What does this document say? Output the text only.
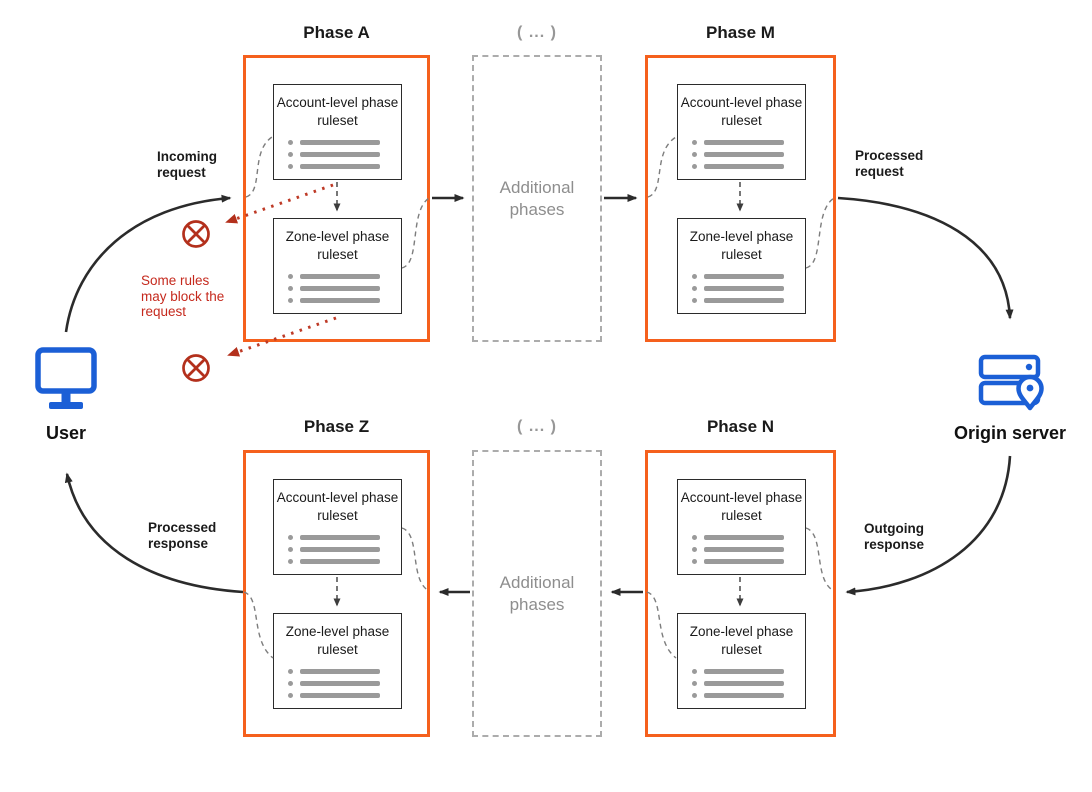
Phase A	( ... )	Phase M
Phase Z	( ... )	Phase N
Account-level phase ruleset
Zone-level phase ruleset
Additional phases
Account-level phase ruleset
Zone-level phase ruleset
Account-level phase ruleset
Zone-level phase ruleset
Additional phases
Account-level phase ruleset
Zone-level phase ruleset
Incoming request
Processed request
Outgoing response
Processed response
Some rules may block the request
User	Origin server
